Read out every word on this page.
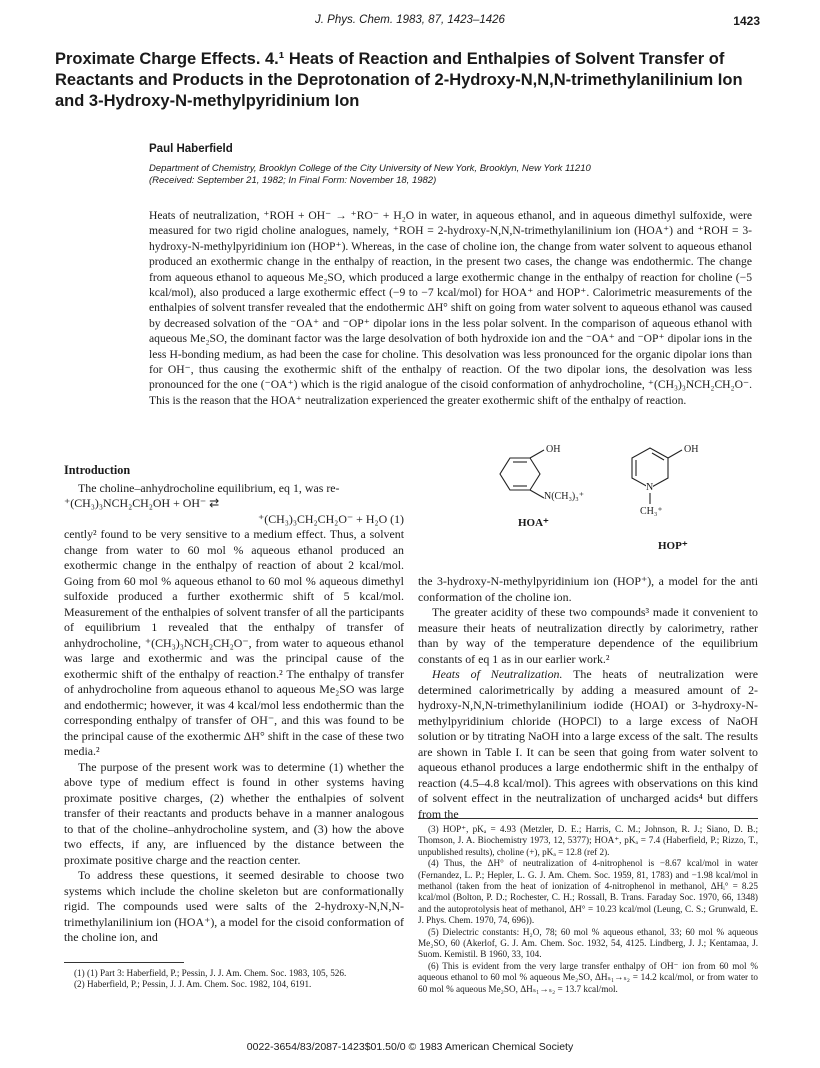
J. Phys. Chem. 1983, 87, 1423–1426	1423
Proximate Charge Effects. 4.¹ Heats of Reaction and Enthalpies of Solvent Transfer of Reactants and Products in the Deprotonation of 2-Hydroxy-N,N,N-trimethylanilinium Ion and 3-Hydroxy-N-methylpyridinium Ion
Paul Haberfield
Department of Chemistry, Brooklyn College of the City University of New York, Brooklyn, New York 11210
(Received: September 21, 1982; In Final Form: November 18, 1982)
Heats of neutralization, ⁺ROH + OH⁻ → ⁺RO⁻ + H₂O in water, in aqueous ethanol, and in aqueous dimethyl sulfoxide, were measured for two rigid choline analogues, namely, ⁺ROH = 2-hydroxy-N,N,N-trimethylanilinium ion (HOA⁺) and ⁺ROH = 3-hydroxy-N-methylpyridinium ion (HOP⁺). Whereas, in the case of choline ion, the change from water solvent to aqueous ethanol produced an exothermic change in the enthalpy of reaction, in the present two cases, the change was endothermic. The change from aqueous ethanol to aqueous Me₂SO, which produced a large exothermic change in the enthalpy of reaction for choline (−5 kcal/mol), also produced a large exothermic effect (−9 to −7 kcal/mol) for HOA⁺ and HOP⁺. Calorimetric measurements of the enthalpies of solvent transfer revealed that the endothermic ΔH° shift on going from water solvent to aqueous ethanol was caused by decreased solvation of the ⁻OA⁺ and ⁻OP⁺ dipolar ions in the less polar solvent. In the comparison of aqueous ethanol with aqueous Me₂SO, the dominant factor was the large desolvation of both hydroxide ion and the ⁻OA⁺ and ⁻OP⁺ dipolar ions in the less H-bonding medium, as had been the case for choline. This desolvation was less pronounced for the organic dipolar ions than for OH⁻, thus causing the exothermic shift of the enthalpy of reaction. Of the two dipolar ions, the desolvation was less pronounced for the one (⁻OA⁺) which is the rigid analogue of the cisoid conformation of anhydrocholine, ⁺(CH₃)₃NCH₂CH₂O⁻. This is the reason that the HOA⁺ neutralization experienced the greater exothermic shift of the enthalpy of reaction.
Introduction

The choline–anhydrocholine equilibrium, eq 1, was re-

⁺(CH₃)₃NCH₂CH₂OH + OH⁻ ⇄
⁺(CH₃)₃CH₂CH₂O⁻ + H₂O (1)

cently² found to be very sensitive to a medium effect. Thus, a solvent change from water to 60 mol % aqueous ethanol produced an exothermic change in the enthalpy of reaction of about 2 kcal/mol. Going from 60 mol % aqueous ethanol to 60 mol % aqueous dimethyl sulfoxide produced a further exothermic shift of 5 kcal/mol. Measurement of the enthalpies of solvent transfer of all the participants of equilibrium 1 revealed that the enthalpy of transfer of anhydrocholine, ⁺(CH₃)₃NCH₂CH₂O⁻, from water to aqueous ethanol was large and exothermic and was the principal cause of the exothermic shift of the enthalpy of reaction.² The enthalpy of transfer of anhydrocholine from aqueous ethanol to aqueous Me₂SO was large and endothermic; however, it was 4 kcal/mol less endothermic than the corresponding enthalpy of transfer of OH⁻, and this was found to be the principal cause of the exothermic ΔH° shift in the case of these two media.²

The purpose of the present work was to determine (1) whether the above type of medium effect is found in other systems having proximate positive charges, (2) whether the enthalpies of solvent transfer of their reactants and products behave in a manner analogous to that of the choline–anhydrocholine system, and (3) how the above two effects, if any, are influenced by the distance between the proximate positive charge and the reaction center.

To address these questions, it seemed desirable to choose two systems which include the choline skeleton but are conformationally rigid. The compounds used were salts of the 2-hydroxy-N,N,N-trimethylanilinium ion (HOA⁺), a model for the cisoid conformation of the choline ion, and

(1) (1) Part 3: Haberfield, P.; Pessin, J. J. Am. Chem. Soc. 1983, 105, 526.

(2) Haberfield, P.; Pessin, J. J. Am. Chem. Soc. 1982, 104, 6191.

OH
N(CH₃)₃⁺
HOA⁺
OH
N
CH₃⁺
HOP⁺

the 3-hydroxy-N-methylpyridinium ion (HOP⁺), a model for the anti conformation of the choline ion.

The greater acidity of these two compounds³ made it convenient to measure their heats of neutralization directly by calorimetry, rather than by way of the temperature dependence of the equilibrium constants of eq 1 as in our earlier work.²

Heats of Neutralization. The heats of neutralization were determined calorimetrically by adding a measured amount of 2-hydroxy-N,N,N-trimethylanilinium iodide (HOAI) or 3-hydroxy-N-methylpyridinium chloride (HOPCl) to a large excess of NaOH solution or by titrating NaOH into a large excess of the salt. The results are shown in Table I. It can be seen that going from water solvent to aqueous ethanol produces a large endothermic shift in the enthalpy of reaction (4.5–4.8 kcal/mol). This agrees with observations on this kind of solvent effect in the neutralization of uncharged acids⁴ but differs from the

(3) HOP⁺, pKₐ = 4.93 (Metzler, D. E.; Harris, C. M.; Johnson, R. J.; Siano, D. B.; Thomson, J. A. Biochemistry 1973, 12, 5377); HOA⁺, pKₐ = 7.4 (Haberfield, P.; Rizzo, T., unpublished results), choline (+), pKₐ = 12.8 (ref 2).

(4) Thus, the ΔH° of neutralization of 4-nitrophenol is −8.67 kcal/mol in water (Fernandez, L. P.; Hepler, L. G. J. Am. Chem. Soc. 1959, 81, 1783) and −1.98 kcal/mol in methanol (taken from the heat of ionization of 4-nitrophenol in methanol, ΔHᵢ° = 8.25 kcal/mol (Bolton, P. D.; Rochester, C. H.; Rossall, B. Trans. Faraday Soc. 1970, 66, 1348) and the autoprotolysis heat of methanol, ΔH° = 10.23 kcal/mol (Leung, C. S.; Grunwald, E. J. Phys. Chem. 1970, 74, 696)).

(5) Dielectric constants: H₂O, 78; 60 mol % aqueous ethanol, 33; 60 mol % aqueous Me₂SO, 60 (Akerlof, G. J. Am. Chem. Soc. 1932, 54, 4125. Lindberg, J. J.; Kentamaa, J. Suom. Kemistil. B 1960, 33, 104.

(6) This is evident from the very large transfer enthalpy of OH⁻ ion from 60 mol % aqueous ethanol to 60 mol % aqueous Me₂SO, ΔHₛ₁→ₛ₂ = 14.2 kcal/mol, or from water to 60 mol % aqueous Me₂SO, ΔHₛ₁→ₛ₂ = 13.7 kcal/mol.

0022-3654/83/2087-1423$01.50/0 © 1983 American Chemical Society
